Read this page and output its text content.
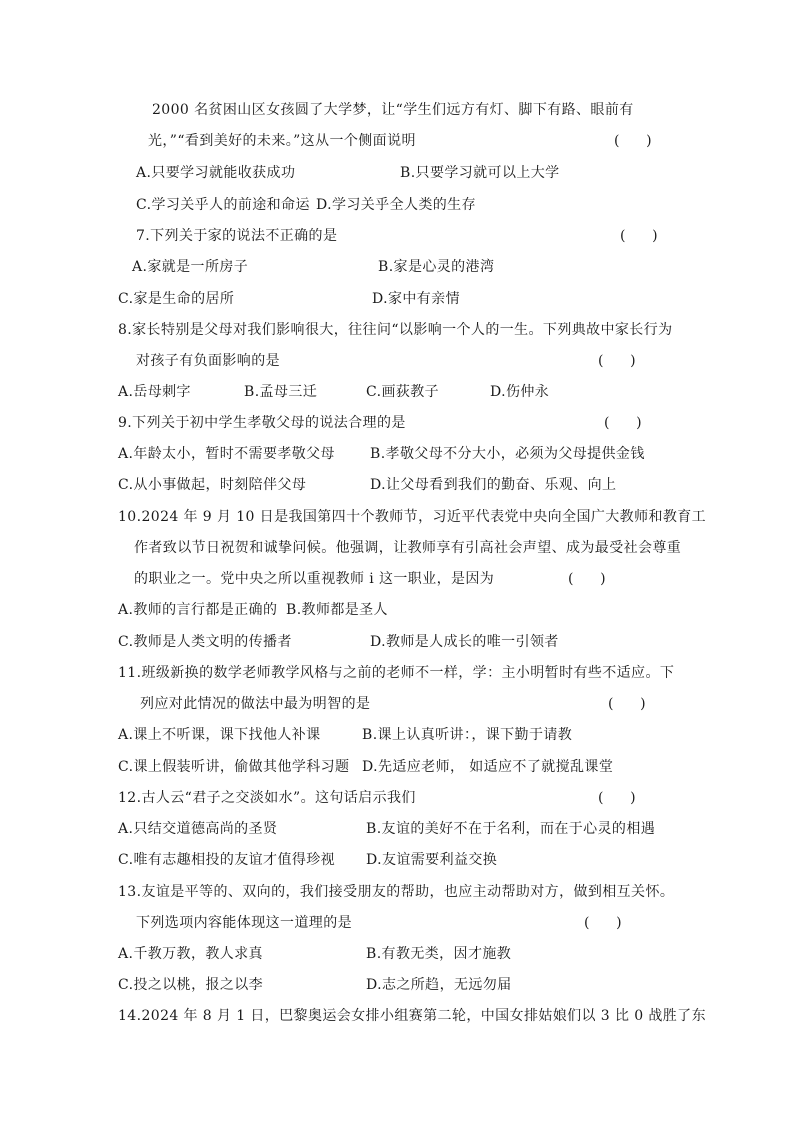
2000 名贫困山区女孩圆了大学梦，让“学生们远方有灯、脚下有路、眼前有
光，”“看到美好的未来。”这从一个侧面说明	(      )
A.只要学习就能收获成功	B.只要学习就可以上大学
C.学习关乎人的前途和命运 D.学习关乎全人类的生存
7.下列关于家的说法不正确的是	(      )
A.家就是一所房子	B.家是心灵的港湾
C.家是生命的居所	D.家中有亲情
8.家长特别是父母对我们影响很大，往往问“以影响一个人的一生。下列典故中家长行为
对孩子有负面影响的是	(      )
A.岳母刺字	B.孟母三迁	C.画荻教子	D.伤仲永
9.下列关于初中学生孝敬父母的说法合理的是	(      )
A.年龄太小，暂时不需要孝敬父母	B.孝敬父母不分大小，必须为父母提供金钱
C.从小事做起，时刻陪伴父母	D.让父母看到我们的勤奋、乐观、向上
10.2024 年 9 月 10 日是我国第四十个教师节，习近平代表党中央向全国广大教师和教育工
作者致以节日祝贺和诚挚问候。他强调，让教师享有引高社会声望、成为最受社会尊重
的职业之一。党中央之所以重视教师 i 这一职业，是因为	(      )
A.教师的言行都是正确的 B.教师都是圣人
C.教师是人类文明的传播者	D.教师是人成长的唯一引领者
11.班级新换的数学老师教学风格与之前的老师不一样，学：主小明暂时有些不适应。下
列应对此情况的做法中最为明智的是	(      )
A.课上不听课，课下找他人补课	B.课上认真听讲：，课下勤于请教
C.课上假装听讲，偷做其他学科习题 D.先适应老师， 如适应不了就搅乱课堂
12.古人云“君子之交淡如水”。这句话启示我们	(      )
A.只结交道德高尚的圣贤	B.友谊的美好不在于名利，而在于心灵的相遇
C.唯有志趣相投的友谊才值得珍视 D.友谊需要利益交换
13.友谊是平等的、双向的，我们接受朋友的帮助，也应主动帮助对方，做到相互关怀。
下列选项内容能体现这一道理的是	(      )
A.千教万教，教人求真	B.有教无类，因才施教
C.投之以桃，报之以李	D.志之所趋，无远勿届
14.2024 年 8 月 1 日，巴黎奥运会女排小组赛第二轮，中国女排姑娘们以 3 比 0 战胜了东
